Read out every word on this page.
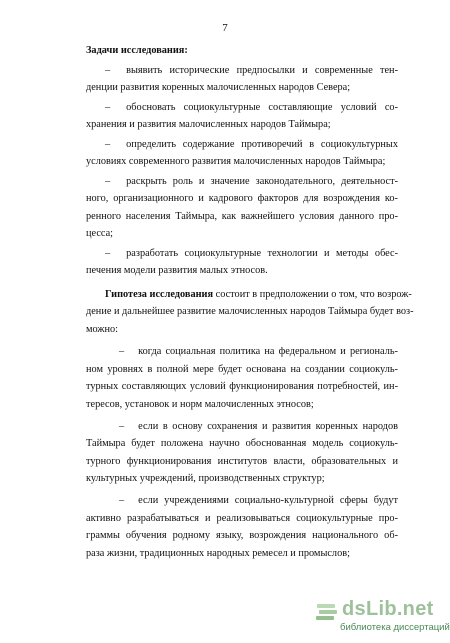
7
Задачи исследования:
– выявить исторические предпосылки и современные тен-
денции развития коренных малочисленных народов Севера;
– обосновать социокультурные составляющие условий со-
хранения и развития малочисленных народов Таймыра;
– определить содержание противоречий в социокультурных
условиях современного развития малочисленных народов Таймыра;
– раскрыть роль и значение законодательного, деятельност-
ного, организационного и кадрового факторов для возрождения ко-
ренного населения Таймыра, как важнейшего условия данного про-
цесса;
– разработать социокультурные технологии и методы обес-
печения модели развития малых этносов.
Гипотеза исследования состоит в предположении о том, что возрож-
дение и дальнейшее развитие малочисленных народов Таймыра будет воз-
можно:
– когда социальная политика на федеральном и региональ-
ном уровнях в полной мере будет основана на создании социокуль-
турных составляющих условий функционирования потребностей, ин-
тересов, установок и норм малочисленных этносов;
– если в основу сохранения и развития коренных народов
Таймыра будет положена научно обоснованная модель социокуль-
турного функционирования институтов власти, образовательных и
культурных учреждений, производственных структур;
– если учреждениями социально-культурной сферы будут
активно разрабатываться и реализовываться социокультурные про-
граммы обучения родному языку, возрождения национального об-
раза жизни, традиционных народных ремесел и промыслов;
dsLib.net
библиотека диссертаций
